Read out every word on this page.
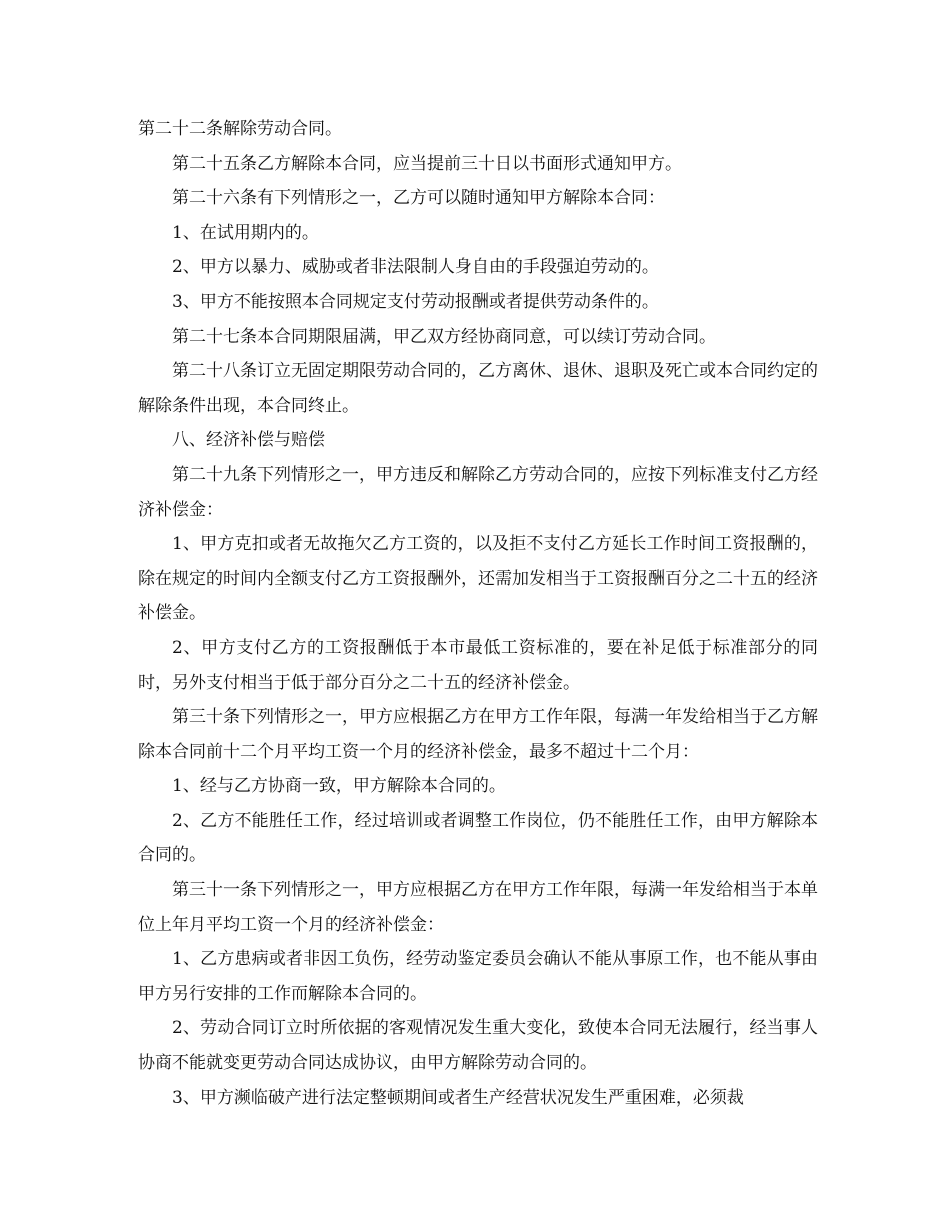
第二十二条解除劳动合同。

第二十五条乙方解除本合同，应当提前三十日以书面形式通知甲方。

第二十六条有下列情形之一，乙方可以随时通知甲方解除本合同：

1、在试用期内的。

2、甲方以暴力、威胁或者非法限制人身自由的手段强迫劳动的。

3、甲方不能按照本合同规定支付劳动报酬或者提供劳动条件的。

第二十七条本合同期限届满，甲乙双方经协商同意，可以续订劳动合同。

第二十八条订立无固定期限劳动合同的，乙方离休、退休、退职及死亡或本合同约定的解除条件出现，本合同终止。

八、经济补偿与赔偿

第二十九条下列情形之一，甲方违反和解除乙方劳动合同的，应按下列标准支付乙方经济补偿金：

1、甲方克扣或者无故拖欠乙方工资的，以及拒不支付乙方延长工作时间工资报酬的，除在规定的时间内全额支付乙方工资报酬外，还需加发相当于工资报酬百分之二十五的经济补偿金。

2、甲方支付乙方的工资报酬低于本市最低工资标准的，要在补足低于标准部分的同时，另外支付相当于低于部分百分之二十五的经济补偿金。

第三十条下列情形之一，甲方应根据乙方在甲方工作年限，每满一年发给相当于乙方解除本合同前十二个月平均工资一个月的经济补偿金，最多不超过十二个月：

1、经与乙方协商一致，甲方解除本合同的。

2、乙方不能胜任工作，经过培训或者调整工作岗位，仍不能胜任工作，由甲方解除本合同的。

第三十一条下列情形之一，甲方应根据乙方在甲方工作年限，每满一年发给相当于本单位上年月平均工资一个月的经济补偿金：

1、乙方患病或者非因工负伤，经劳动鉴定委员会确认不能从事原工作，也不能从事由甲方另行安排的工作而解除本合同的。

2、劳动合同订立时所依据的客观情况发生重大变化，致使本合同无法履行，经当事人协商不能就变更劳动合同达成协议，由甲方解除劳动合同的。

3、甲方濒临破产进行法定整顿期间或者生产经营状况发生严重困难，必须裁
